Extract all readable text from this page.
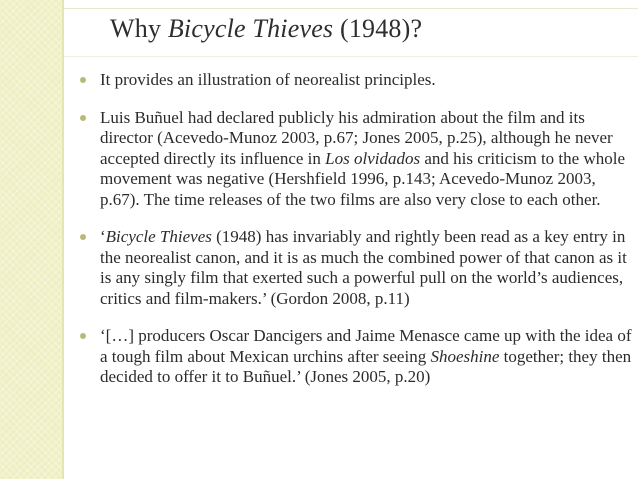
Why Bicycle Thieves (1948)?
It provides an illustration of neorealist principles.
Luis Buñuel had declared publicly his admiration about the film and its director (Acevedo-Munoz 2003, p.67; Jones 2005, p.25), although he never accepted directly its influence in Los olvidados and his criticism to the whole movement was negative (Hershfield 1996, p.143; Acevedo-Munoz 2003, p.67). The time releases of the two films are also very close to each other.
‘Bicycle Thieves (1948) has invariably and rightly been read as a key entry in the neorealist canon, and it is as much the combined power of that canon as it is any singly film that exerted such a powerful pull on the world’s audiences, critics and film-makers.’ (Gordon 2008, p.11)
‘[…] producers Oscar Dancigers and Jaime Menasce came up with the idea of a tough film about Mexican urchins after seeing Shoeshine together; they then decided to offer it to Buñuel.’ (Jones 2005, p.20)
